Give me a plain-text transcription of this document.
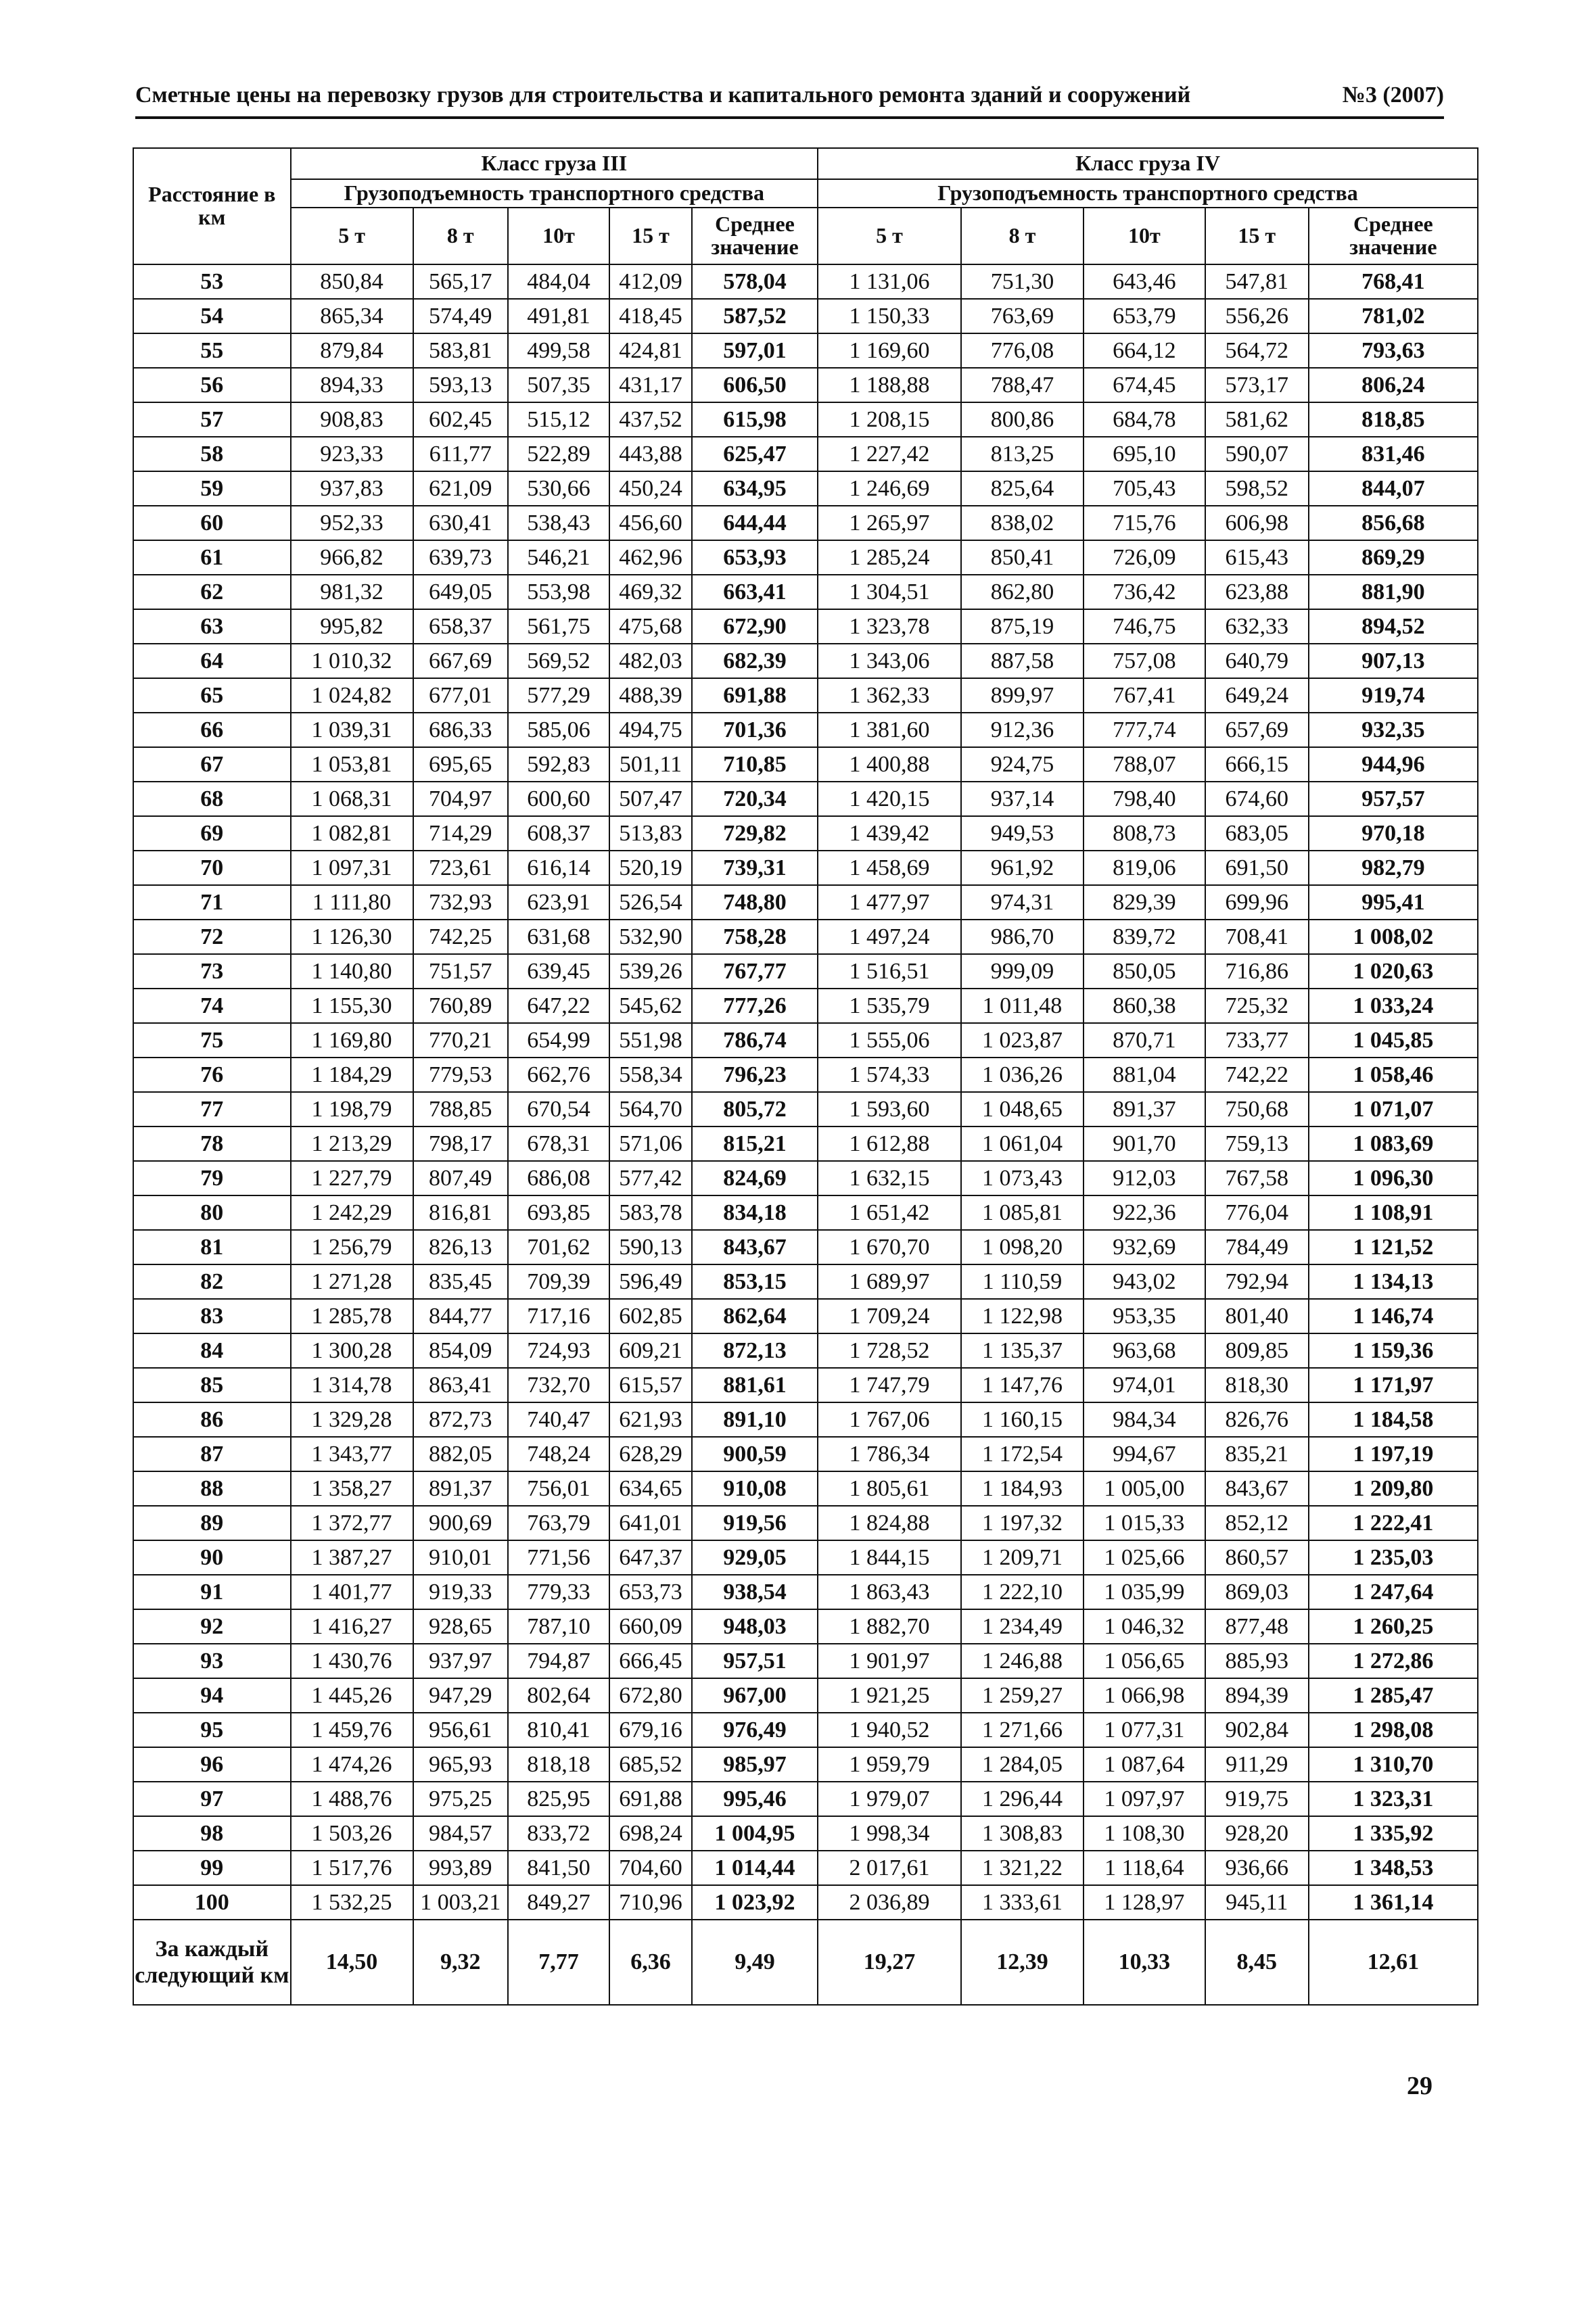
Сметные цены на перевозку грузов для строительства и капитального ремонта зданий и сооружений	№3 (2007)
Расстояние в км	Класс груза III					Класс груза IV				
	Грузоподъемность транспортного средства					Грузоподъемность транспортного средства				
	5 т	8 т	10т	15 т	Среднее значение	5 т	8 т	10т	15 т	Среднее значение
53	850,84	565,17	484,04	412,09	578,04	1 131,06	751,30	643,46	547,81	768,41
54	865,34	574,49	491,81	418,45	587,52	1 150,33	763,69	653,79	556,26	781,02
55	879,84	583,81	499,58	424,81	597,01	1 169,60	776,08	664,12	564,72	793,63
56	894,33	593,13	507,35	431,17	606,50	1 188,88	788,47	674,45	573,17	806,24
57	908,83	602,45	515,12	437,52	615,98	1 208,15	800,86	684,78	581,62	818,85
58	923,33	611,77	522,89	443,88	625,47	1 227,42	813,25	695,10	590,07	831,46
59	937,83	621,09	530,66	450,24	634,95	1 246,69	825,64	705,43	598,52	844,07
60	952,33	630,41	538,43	456,60	644,44	1 265,97	838,02	715,76	606,98	856,68
61	966,82	639,73	546,21	462,96	653,93	1 285,24	850,41	726,09	615,43	869,29
62	981,32	649,05	553,98	469,32	663,41	1 304,51	862,80	736,42	623,88	881,90
63	995,82	658,37	561,75	475,68	672,90	1 323,78	875,19	746,75	632,33	894,52
64	1 010,32	667,69	569,52	482,03	682,39	1 343,06	887,58	757,08	640,79	907,13
65	1 024,82	677,01	577,29	488,39	691,88	1 362,33	899,97	767,41	649,24	919,74
66	1 039,31	686,33	585,06	494,75	701,36	1 381,60	912,36	777,74	657,69	932,35
67	1 053,81	695,65	592,83	501,11	710,85	1 400,88	924,75	788,07	666,15	944,96
68	1 068,31	704,97	600,60	507,47	720,34	1 420,15	937,14	798,40	674,60	957,57
69	1 082,81	714,29	608,37	513,83	729,82	1 439,42	949,53	808,73	683,05	970,18
70	1 097,31	723,61	616,14	520,19	739,31	1 458,69	961,92	819,06	691,50	982,79
71	1 111,80	732,93	623,91	526,54	748,80	1 477,97	974,31	829,39	699,96	995,41
72	1 126,30	742,25	631,68	532,90	758,28	1 497,24	986,70	839,72	708,41	1 008,02
73	1 140,80	751,57	639,45	539,26	767,77	1 516,51	999,09	850,05	716,86	1 020,63
74	1 155,30	760,89	647,22	545,62	777,26	1 535,79	1 011,48	860,38	725,32	1 033,24
75	1 169,80	770,21	654,99	551,98	786,74	1 555,06	1 023,87	870,71	733,77	1 045,85
76	1 184,29	779,53	662,76	558,34	796,23	1 574,33	1 036,26	881,04	742,22	1 058,46
77	1 198,79	788,85	670,54	564,70	805,72	1 593,60	1 048,65	891,37	750,68	1 071,07
78	1 213,29	798,17	678,31	571,06	815,21	1 612,88	1 061,04	901,70	759,13	1 083,69
79	1 227,79	807,49	686,08	577,42	824,69	1 632,15	1 073,43	912,03	767,58	1 096,30
80	1 242,29	816,81	693,85	583,78	834,18	1 651,42	1 085,81	922,36	776,04	1 108,91
81	1 256,79	826,13	701,62	590,13	843,67	1 670,70	1 098,20	932,69	784,49	1 121,52
82	1 271,28	835,45	709,39	596,49	853,15	1 689,97	1 110,59	943,02	792,94	1 134,13
83	1 285,78	844,77	717,16	602,85	862,64	1 709,24	1 122,98	953,35	801,40	1 146,74
84	1 300,28	854,09	724,93	609,21	872,13	1 728,52	1 135,37	963,68	809,85	1 159,36
85	1 314,78	863,41	732,70	615,57	881,61	1 747,79	1 147,76	974,01	818,30	1 171,97
86	1 329,28	872,73	740,47	621,93	891,10	1 767,06	1 160,15	984,34	826,76	1 184,58
87	1 343,77	882,05	748,24	628,29	900,59	1 786,34	1 172,54	994,67	835,21	1 197,19
88	1 358,27	891,37	756,01	634,65	910,08	1 805,61	1 184,93	1 005,00	843,67	1 209,80
89	1 372,77	900,69	763,79	641,01	919,56	1 824,88	1 197,32	1 015,33	852,12	1 222,41
90	1 387,27	910,01	771,56	647,37	929,05	1 844,15	1 209,71	1 025,66	860,57	1 235,03
91	1 401,77	919,33	779,33	653,73	938,54	1 863,43	1 222,10	1 035,99	869,03	1 247,64
92	1 416,27	928,65	787,10	660,09	948,03	1 882,70	1 234,49	1 046,32	877,48	1 260,25
93	1 430,76	937,97	794,87	666,45	957,51	1 901,97	1 246,88	1 056,65	885,93	1 272,86
94	1 445,26	947,29	802,64	672,80	967,00	1 921,25	1 259,27	1 066,98	894,39	1 285,47
95	1 459,76	956,61	810,41	679,16	976,49	1 940,52	1 271,66	1 077,31	902,84	1 298,08
96	1 474,26	965,93	818,18	685,52	985,97	1 959,79	1 284,05	1 087,64	911,29	1 310,70
97	1 488,76	975,25	825,95	691,88	995,46	1 979,07	1 296,44	1 097,97	919,75	1 323,31
98	1 503,26	984,57	833,72	698,24	1 004,95	1 998,34	1 308,83	1 108,30	928,20	1 335,92
99	1 517,76	993,89	841,50	704,60	1 014,44	2 017,61	1 321,22	1 118,64	936,66	1 348,53
100	1 532,25	1 003,21	849,27	710,96	1 023,92	2 036,89	1 333,61	1 128,97	945,11	1 361,14
За каждый следующий км	14,50	9,32	7,77	6,36	9,49	19,27	12,39	10,33	8,45	12,61
29
